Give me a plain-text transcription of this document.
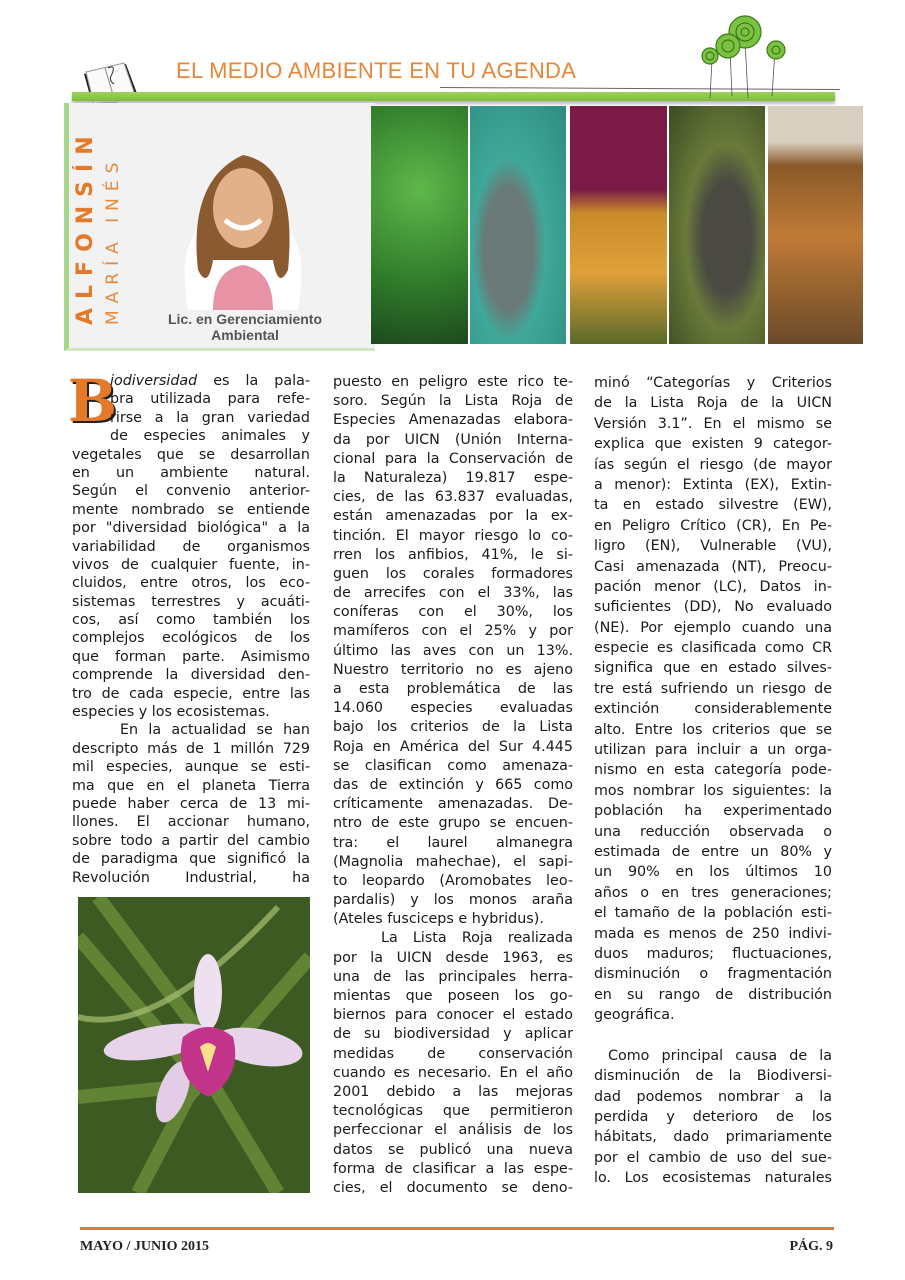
EL MEDIO AMBIENTE EN TU AGENDA
ALFONSÍN MARÍA INÉS	Lic. en Gerenciamiento
Ambiental
B
iodiversidad es la pala-
bra utilizada para refe-
rirse a la gran variedad
de especies animales y
vegetales que se desarrollan
en un ambiente natural.
Según el convenio anterior-
mente nombrado se entiende
por "diversidad biológica" a la
variabilidad de organismos
vivos de cualquier fuente, in-
cluidos, entre otros, los eco-
sistemas terrestres y acuáti-
cos, así como también los
complejos ecológicos de los
que forman parte. Asimismo
comprende la diversidad den-
tro de cada especie, entre las
especies y los ecosistemas.
En la actualidad se han
descripto más de 1 millón 729
mil especies, aunque se esti-
ma que en el planeta Tierra
puede haber cerca de 13 mi-
llones. El accionar humano,
sobre todo a partir del cambio
de paradigma que significó la
Revolución Industrial, ha
puesto en peligro este rico te-
soro. Según la Lista Roja de
Especies Amenazadas elabora-
da por UICN (Unión Interna-
cional para la Conservación de
la Naturaleza) 19.817 espe-
cies, de las 63.837 evaluadas,
están amenazadas por la ex-
tinción. El mayor riesgo lo co-
rren los anfibios, 41%, le si-
guen los corales formadores
de arrecifes con el 33%, las
coníferas con el 30%, los
mamíferos con el 25% y por
último las aves con un 13%.
Nuestro territorio no es ajeno
a esta problemática de las
14.060 especies evaluadas
bajo los criterios de la Lista
Roja en América del Sur 4.445
se clasifican como amenaza-
das de extinción y 665 como
críticamente amenazadas. De-
ntro de este grupo se encuen-
tra: el laurel almanegra
(Magnolia mahechae), el sapi-
to leopardo (Aromobates leo-
pardalis) y los monos araña
(Ateles fusciceps e hybridus).
La Lista Roja realizada
por la UICN desde 1963, es
una de las principales herra-
mientas que poseen los go-
biernos para conocer el estado
de su biodiversidad y aplicar
medidas de conservación
cuando es necesario. En el año
2001 debido a las mejoras
tecnológicas que permitieron
perfeccionar el análisis de los
datos se publicó una nueva
forma de clasificar a las espe-
cies, el documento se deno-
minó “Categorías y Criterios
de la Lista Roja de la UICN
Versión 3.1”. En el mismo se
explica que existen 9 categor-
ías según el riesgo (de mayor
a menor): Extinta (EX), Extin-
ta en estado silvestre (EW),
en Peligro Crítico (CR), En Pe-
ligro (EN), Vulnerable (VU),
Casi amenazada (NT), Preocu-
pación menor (LC), Datos in-
suficientes (DD), No evaluado
(NE). Por ejemplo cuando una
especie es clasificada como CR
significa que en estado silves-
tre está sufriendo un riesgo de
extinción considerablemente
alto. Entre los criterios que se
utilizan para incluir a un orga-
nismo en esta categoría pode-
mos nombrar los siguientes: la
población ha experimentado
una reducción observada o
estimada de entre un 80% y
un 90% en los últimos 10
años o en tres generaciones;
el tamaño de la población esti-
mada es menos de 250 indivi-
duos maduros; fluctuaciones,
disminución o fragmentación
en su rango de distribución
geográfica.
Como principal causa de la
disminución de la Biodiversi-
dad podemos nombrar a la
perdida y deterioro de los
hábitats, dado primariamente
por el cambio de uso del sue-
lo. Los ecosistemas naturales
MAYO / JUNIO 2015	PÁG. 9
